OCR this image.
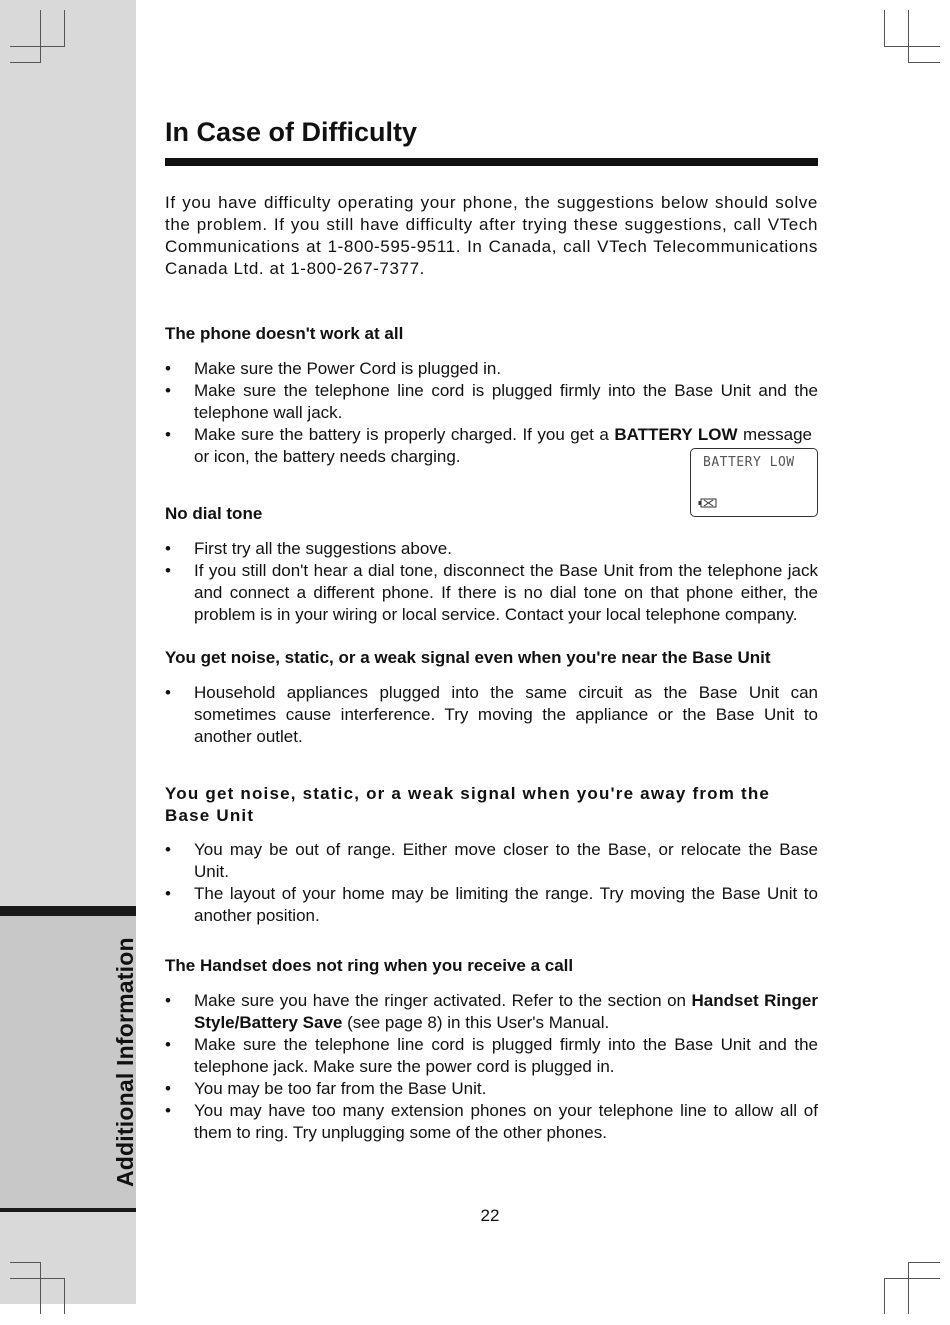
Additional Information
In Case of Difficulty

If you have difficulty operating your phone, the suggestions below should solve the problem. If you still have difficulty after trying these suggestions, call VTech Communications at 1-800-595-9511. In Canada, call VTech Telecommunications Canada Ltd. at 1-800-267-7377.

The phone doesn't work at all
• Make sure the Power Cord is plugged in.
• Make sure the telephone line cord is plugged firmly into the Base Unit and the telephone wall jack.
• Make sure the battery is properly charged. If you get a BATTERY LOW message or icon, the battery needs charging.
No dial tone
• First try all the suggestions above.
• If you still don't hear a dial tone, disconnect the Base Unit from the telephone jack and connect a different phone. If there is no dial tone on that phone either, the problem is in your wiring or local service. Contact your local telephone company.
You get noise, static, or a weak signal even when you're near the Base Unit
• Household appliances plugged into the same circuit as the Base Unit can sometimes cause interference. Try moving the appliance or the Base Unit to another outlet.
You get noise, static, or a weak signal when you're away from the Base Unit
• You may be out of range. Either move closer to the Base, or relocate the Base Unit.
• The layout of your home may be limiting the range. Try moving the Base Unit to another position.
The Handset does not ring when you receive a call
• Make sure you have the ringer activated. Refer to the section on Handset Ringer Style/Battery Save (see page 8) in this User's Manual.
• Make sure the telephone line cord is plugged firmly into the Base Unit and the telephone jack. Make sure the power cord is plugged in.
• You may be too far from the Base Unit.
• You may have too many extension phones on your telephone line to allow all of them to ring. Try unplugging some of the other phones.
BATTERY LOW
22
